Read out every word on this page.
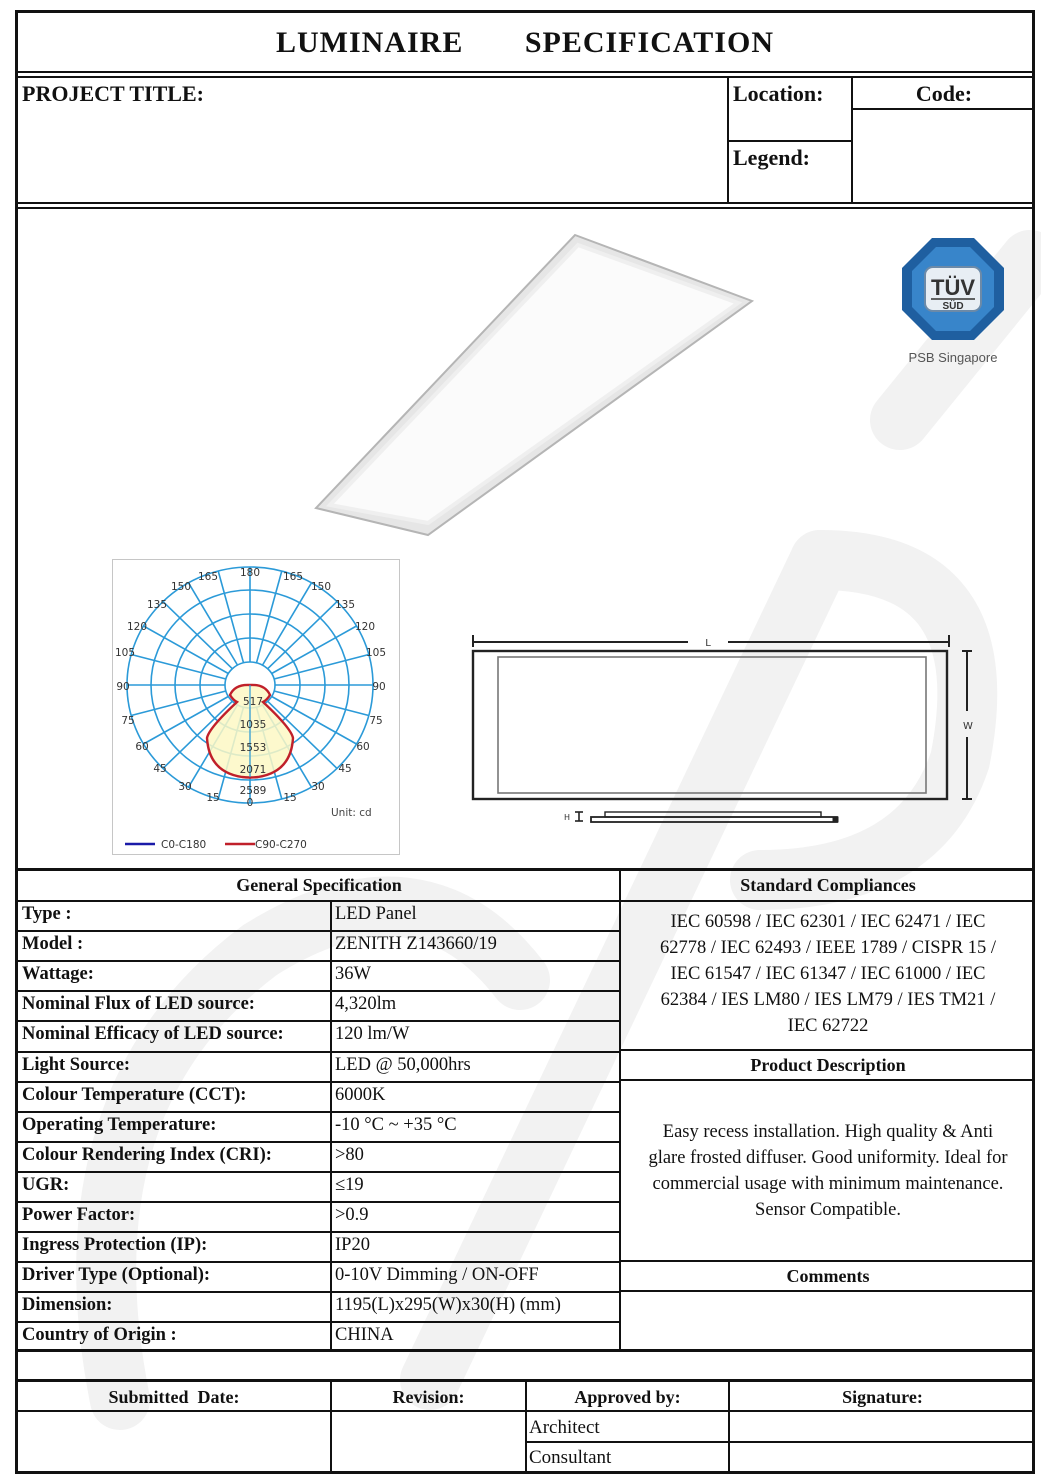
LUMINAIRE   SPECIFICATION
PROJECT TITLE:	Location:
Legend:
Code:
TÜV
SÜD
PSB Singapore
180
165	165
150	150
135	135
120	120
105	105
90	90
75	75
60	60
45	45
30	30
15	15
0
517
1035
1553
2071
2589
Unit: cd
C0-C180	C90-C270
L
W
H
General Specification
Type :	LED Panel
Model :	ZENITH Z143660/19
Wattage:	36W
Nominal Flux of LED source:	4,320lm
Nominal Efficacy of LED source:	120 lm/W
Light Source:	LED @ 50,000hrs
Colour Temperature (CCT):	6000K
Operating Temperature:	-10 °C ~ +35 °C
Colour Rendering Index (CRI):	>80
UGR:	≤19
Power Factor:	>0.9
Ingress Protection (IP):	IP20
Driver Type (Optional):	0-10V Dimming / ON-OFF
Dimension:	1195(L)x295(W)x30(H) (mm)
Country of Origin :	CHINA
Standard Compliances
IEC 60598 / IEC 62301 / IEC 62471 / IEC
62778 / IEC 62493 / IEEE 1789 / CISPR 15 /
IEC 61547 / IEC 61347 / IEC 61000 / IEC
62384 / IES LM80 / IES LM79 / IES TM21 /
IEC 62722
Product Description
Easy recess installation. High quality & Anti
glare frosted diffuser. Good uniformity. Ideal for
commercial usage with minimum maintenance.
Sensor Compatible.
Comments
Submitted  Date:	Revision:	Approved by:	Signature:
Architect
Consultant
